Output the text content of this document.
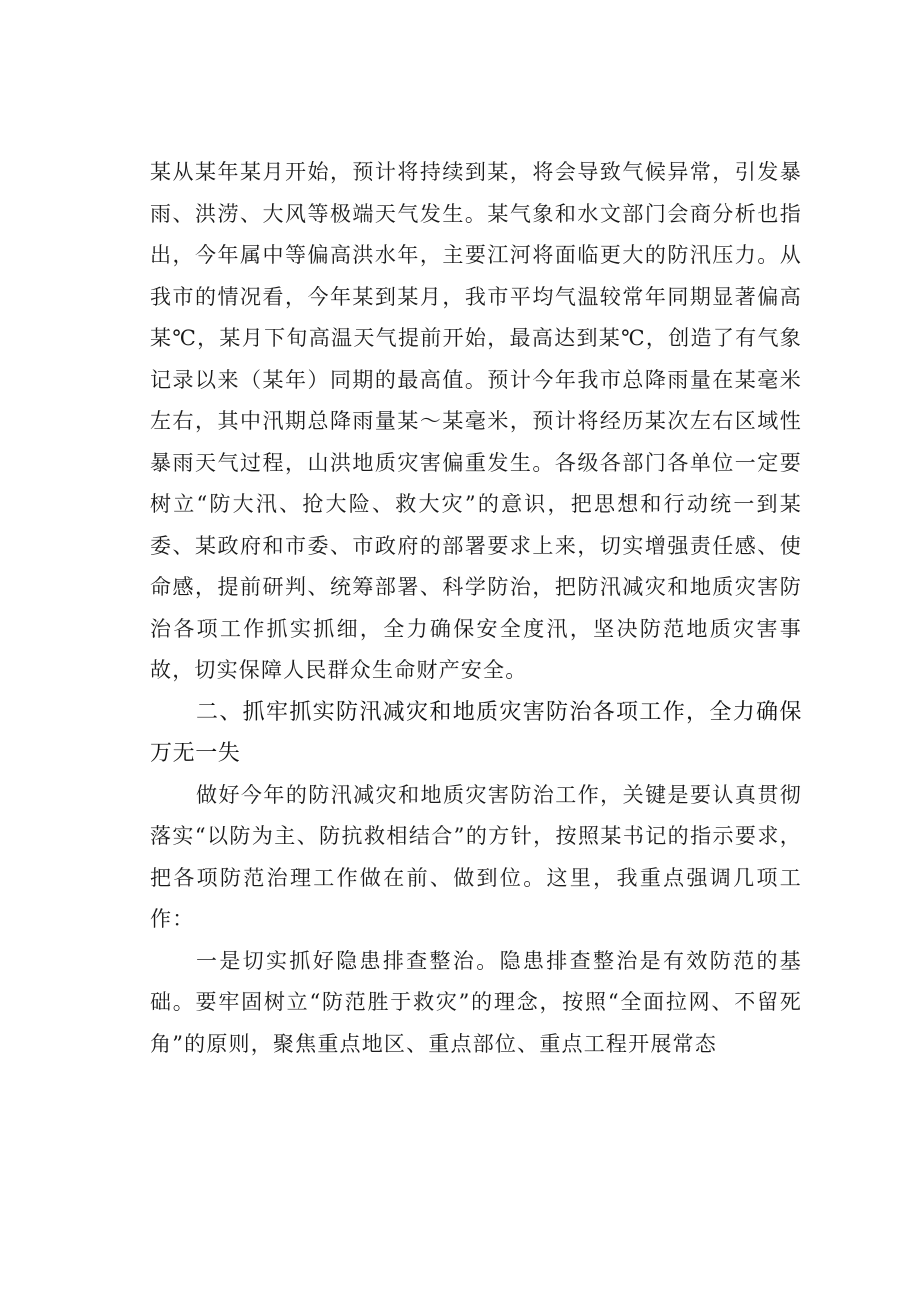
某从某年某月开始，预计将持续到某，将会导致气候异常，引发暴雨、洪涝、大风等极端天气发生。某气象和水文部门会商分析也指出，今年属中等偏高洪水年，主要江河将面临更大的防汛压力。从我市的情况看，今年某到某月，我市平均气温较常年同期显著偏高某℃，某月下旬高温天气提前开始，最高达到某℃，创造了有气象记录以来（某年）同期的最高值。预计今年我市总降雨量在某毫米左右，其中汛期总降雨量某～某毫米，预计将经历某次左右区域性暴雨天气过程，山洪地质灾害偏重发生。各级各部门各单位一定要树立“防大汛、抢大险、救大灾”的意识，把思想和行动统一到某委、某政府和市委、市政府的部署要求上来，切实增强责任感、使命感，提前研判、统筹部署、科学防治，把防汛减灾和地质灾害防治各项工作抓实抓细，全力确保安全度汛，坚决防范地质灾害事故，切实保障人民群众生命财产安全。

二、抓牢抓实防汛减灾和地质灾害防治各项工作，全力确保万无一失

做好今年的防汛减灾和地质灾害防治工作，关键是要认真贯彻落实“以防为主、防抗救相结合”的方针，按照某书记的指示要求，把各项防范治理工作做在前、做到位。这里，我重点强调几项工作：

一是切实抓好隐患排查整治。隐患排查整治是有效防范的基础。要牢固树立“防范胜于救灾”的理念，按照“全面拉网、不留死角”的原则，聚焦重点地区、重点部位、重点工程开展常态
